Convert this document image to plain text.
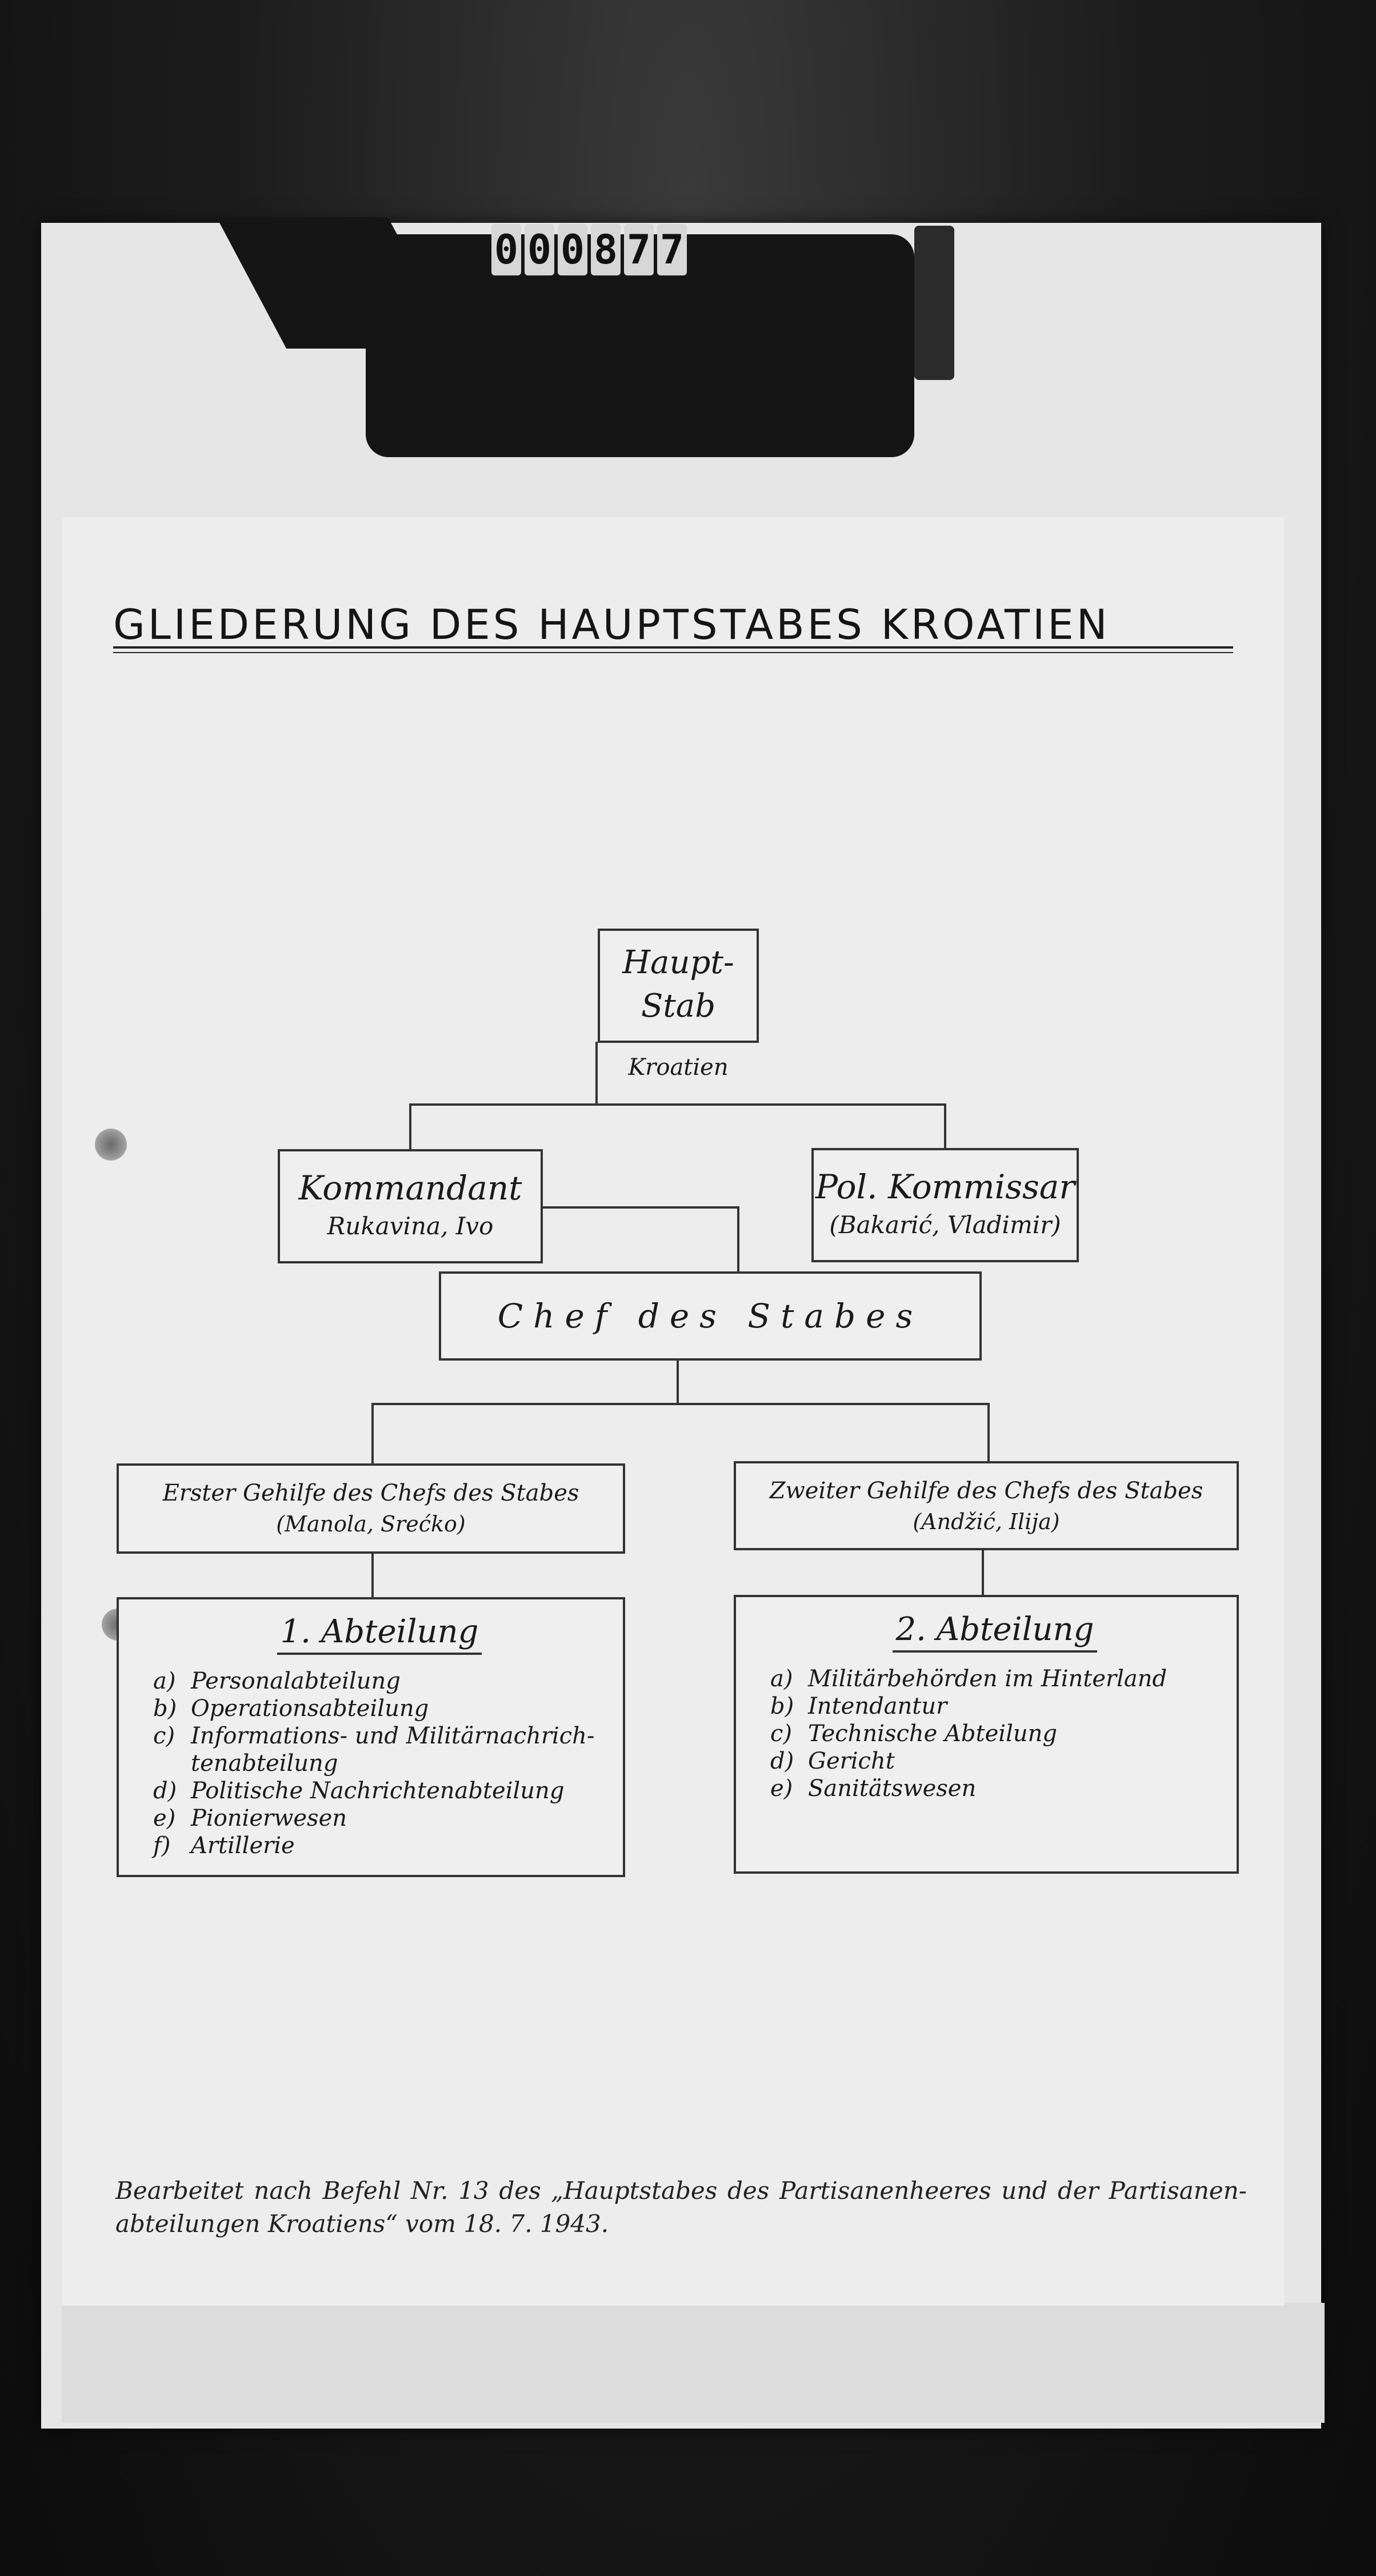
0 0 0 8 7 7
GLIEDERUNG DES HAUPTSTABES KROATIEN
Haupt-
Stab
Kroatien
Kommandant
Rukavina, Ivo
Pol. Kommissar
(Bakarić, Vladimir)
Chef des Stabes
Erster Gehilfe des Chefs des Stabes
(Manola, Srećko)
Zweiter Gehilfe des Chefs des Stabes
(Andžić, Ilija)
1. Abteilung
a) Personalabteilung
b) Operationsabteilung
c) Informations- und Militärnachrich-
tenabteilung
d) Politische Nachrichtenabteilung
e) Pionierwesen
f) Artillerie
2. Abteilung
a) Militärbehörden im Hinterland
b) Intendantur
c) Technische Abteilung
d) Gericht
e) Sanitätswesen
Bearbeitet nach Befehl Nr. 13 des „Hauptstabes des Partisanenheeres und der Partisanen-abteilungen Kroatiens“ vom 18. 7. 1943.
